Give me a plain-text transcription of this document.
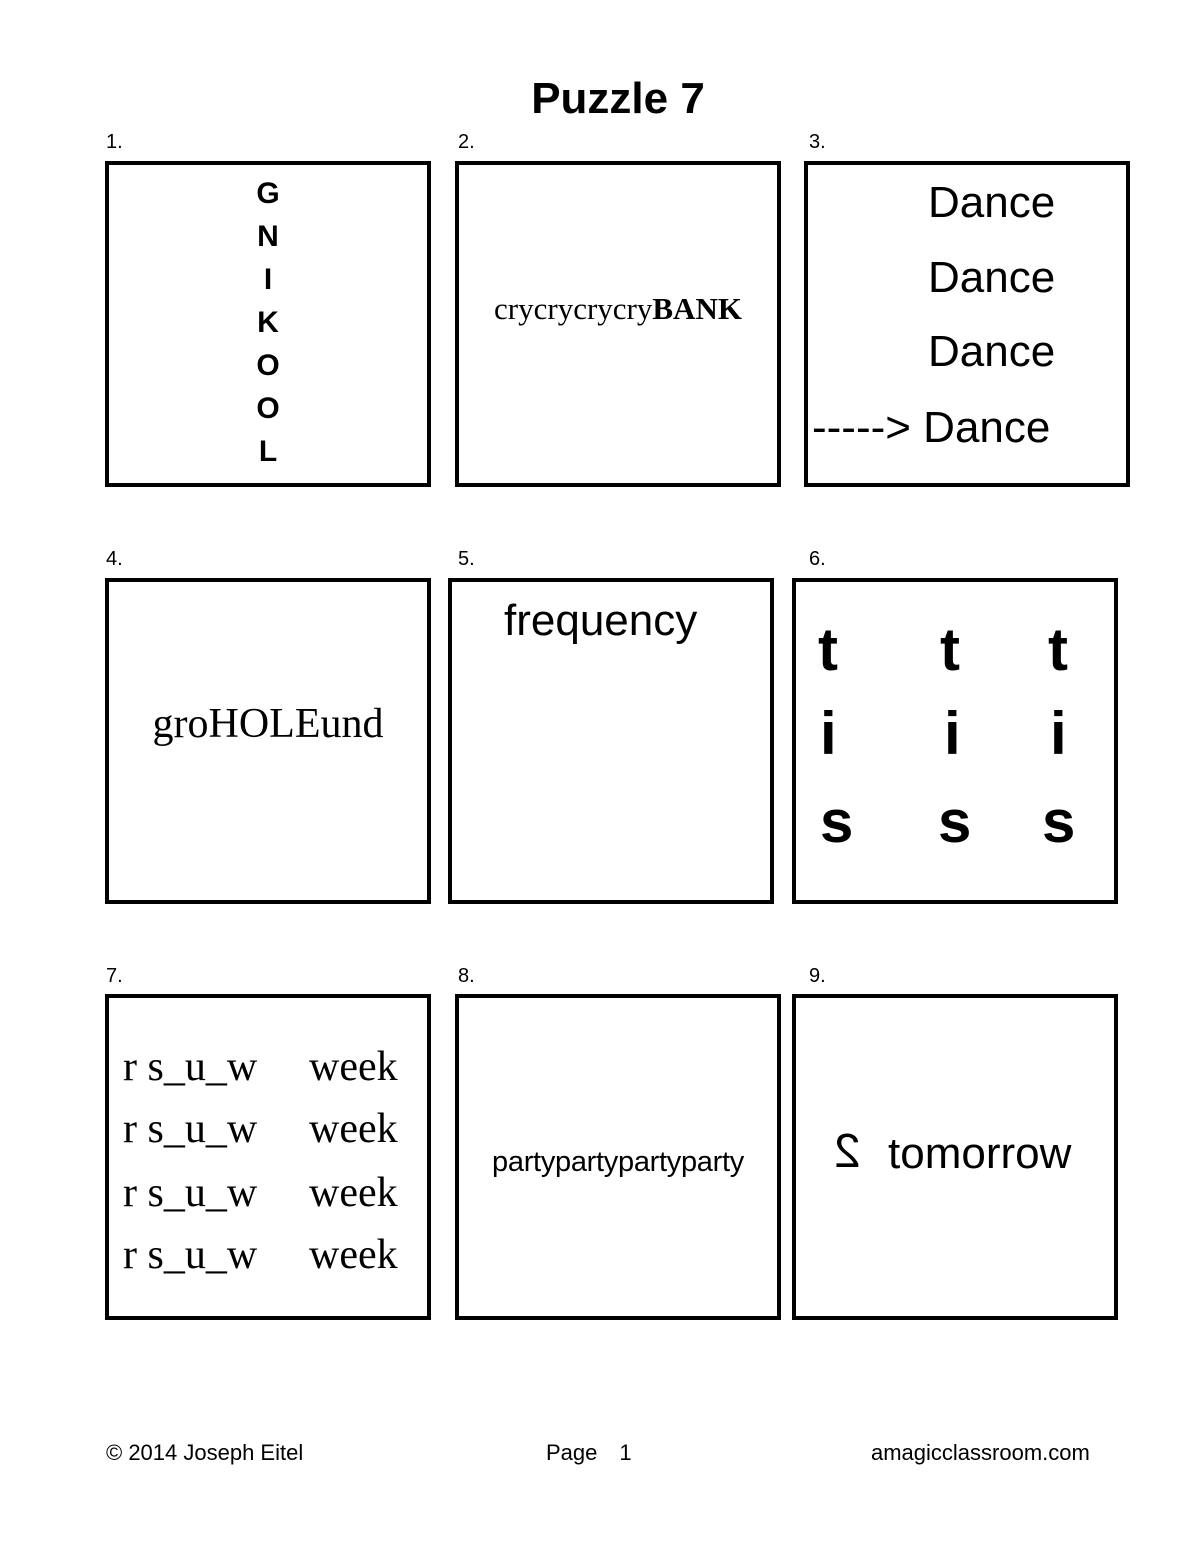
Puzzle 7
1.
G
N
I
K
O
O
L
2.
crycrycrycryBANK
3.
Dance
Dance
Dance
-----> Dance
4.
groHOLEund
5.
frequency
6.
t
i
s
t
i
s
t
i
s
7.
r s_u_w week
r s_u_w week
r s_u_w week
r s_u_w week
8.
partypartypartyparty
9.
2 tomorrow
© 2014 Joseph Eitel	Page 1	amagicclassroom.com
